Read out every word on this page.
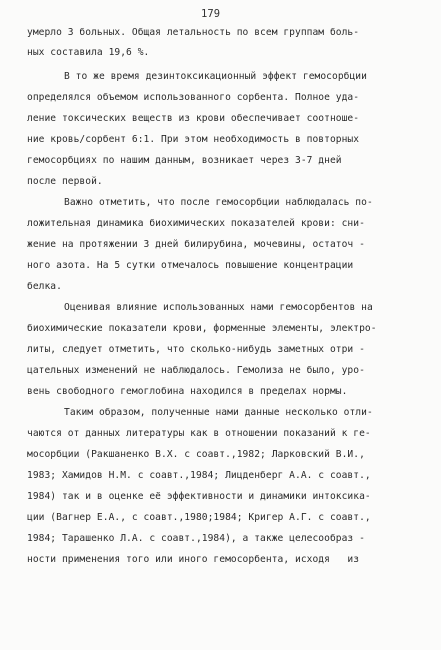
179
умерло 3 больных. Общая летальность по всем группам боль-
ных составила 19,6 %.
В то же время дезинтоксикационный эффект гемосорбции
определялся объемом использованного сорбента. Полное уда-
ление токсических веществ из крови обеспечивает соотноше-
ние кровь/сорбент 6:1. При этом необходимость в повторных
гемосорбциях по нашим данным, возникает через 3-7 дней
после первой.
Важно отметить, что после гемосорбции наблюдалась по-
ложительная динамика биохимических показателей крови: сни-
жение на протяжении 3 дней билирубина, мочевины, остаточ -
ного азота. На 5 сутки отмечалось повышение концентрации
белка.
Оценивая влияние использованных нами гемосорбентов на
биохимические показатели крови, форменные элементы, электро-
литы, следует отметить, что сколько-нибудь заметных отри -
цательных изменений не наблюдалось. Гемолиза не было, уро-
вень свободного гемоглобина находился в пределах нормы.
Таким образом, полученные нами данные несколько отли-
чаются от данных литературы как в отношении показаний к ге-
мосорбции (Ракшаненко В.Х. с соавт.,1982; Ларковский В.И.,
1983; Хамидов Н.М. с соавт.,1984; Лицденберг А.А. с соавт.,
1984) так и в оценке её эффективности и динамики интоксика-
ции (Вагнер Е.А., с соавт.,1980;1984; Кригер А.Г. с соавт.,
1984; Тарашенко Л.А. с соавт.,1984), а также целесообраз -
ности применения того или иного гемосорбента, исходя   из
